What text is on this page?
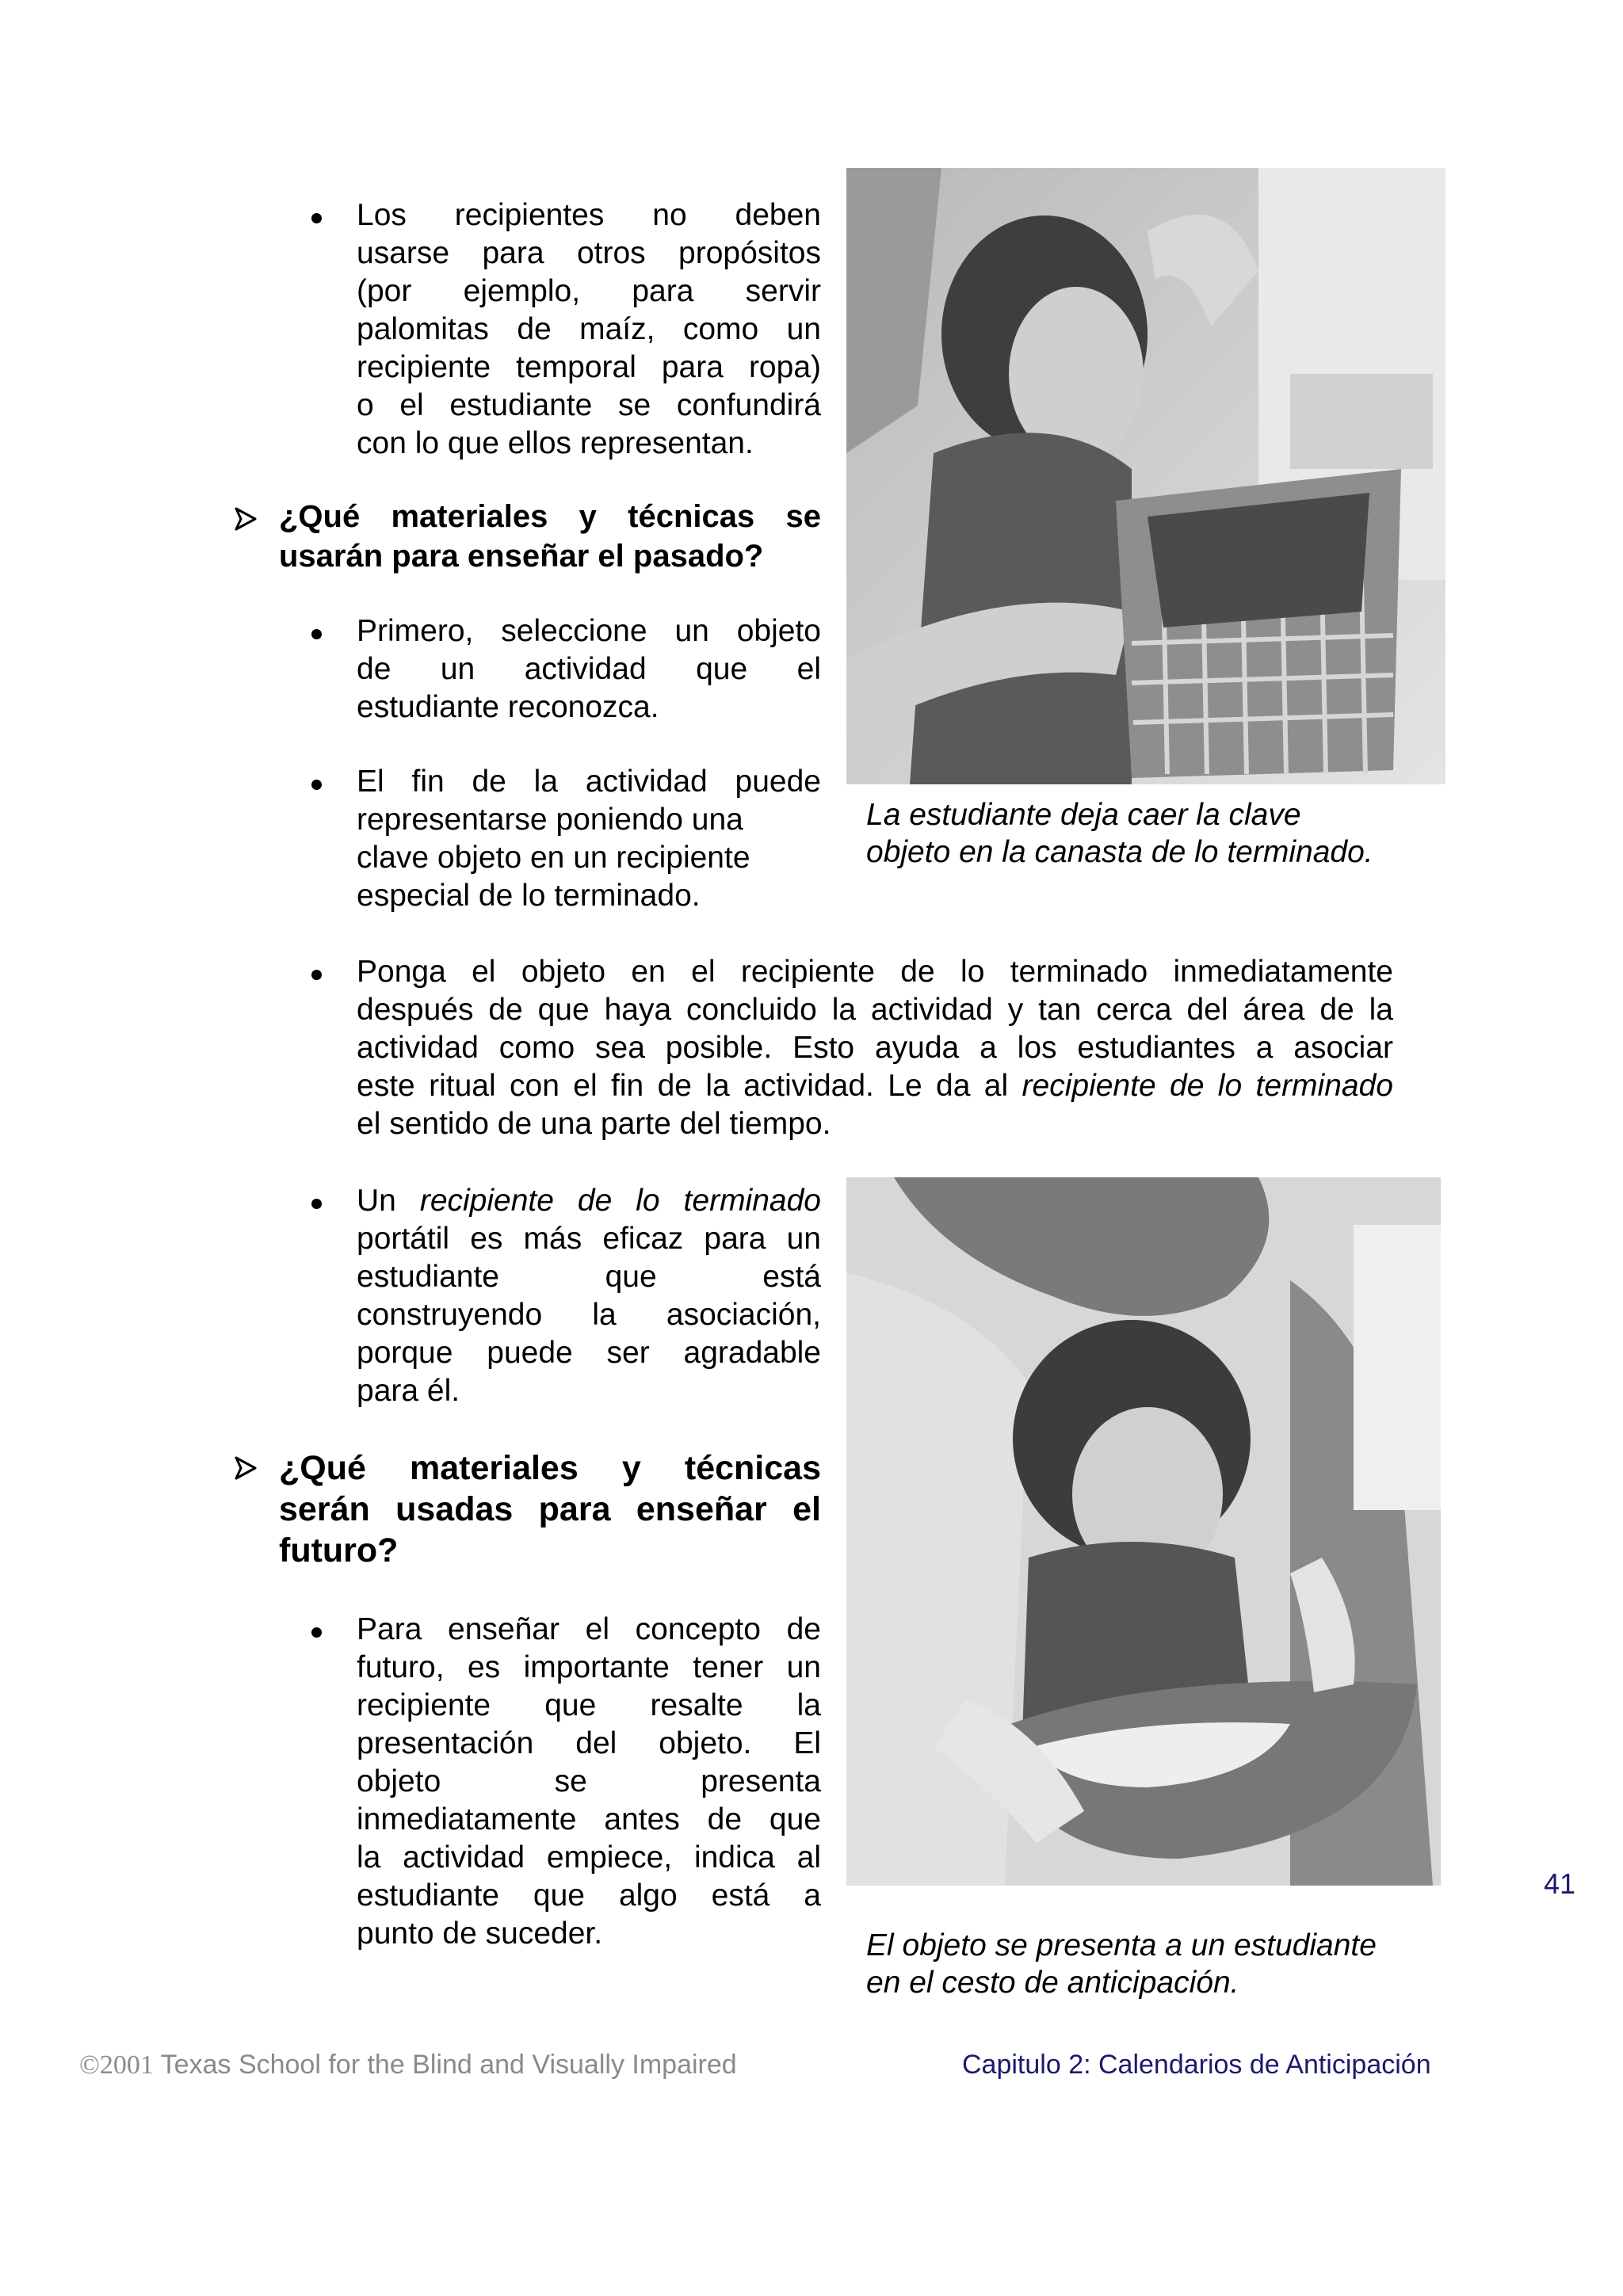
Los recipientes no deben
usarse para otros propósitos
(por ejemplo, para servir
palomitas de maíz, como un
recipiente temporal para ropa)
o el estudiante se confundirá
con lo que ellos representan.
¿Qué materiales y técnicas se
usarán para enseñar el pasado?
Primero, seleccione un objeto
de un actividad que el
estudiante reconozca.
El fin de la actividad puede
representarse poniendo una
clave objeto en un recipiente
especial de lo terminado.
La estudiante deja caer la clave
objeto en la canasta de lo terminado.
Ponga el objeto en el recipiente de lo terminado inmediatamente
después de que haya concluido la actividad y tan cerca del área de la
actividad como sea posible. Esto ayuda a los estudiantes a asociar
este ritual con el fin de la actividad. Le da al recipiente de lo terminado
el sentido de una parte del tiempo.
Un recipiente de lo terminado
portátil es más eficaz para un
estudiante que está
construyendo la asociación,
porque puede ser agradable
para él.
¿Qué materiales y técnicas
serán usadas para enseñar el
futuro?
Para enseñar el concepto de
futuro, es importante tener un
recipiente que resalte la
presentación del objeto. El
objeto se presenta
inmediatamente antes de que
la actividad empiece, indica al
estudiante que algo está a
punto de suceder.
41
El objeto se presenta a un estudiante
en el cesto de anticipación.
©2001 Texas School for the Blind and Visually Impaired	Capitulo 2: Calendarios de Anticipación
